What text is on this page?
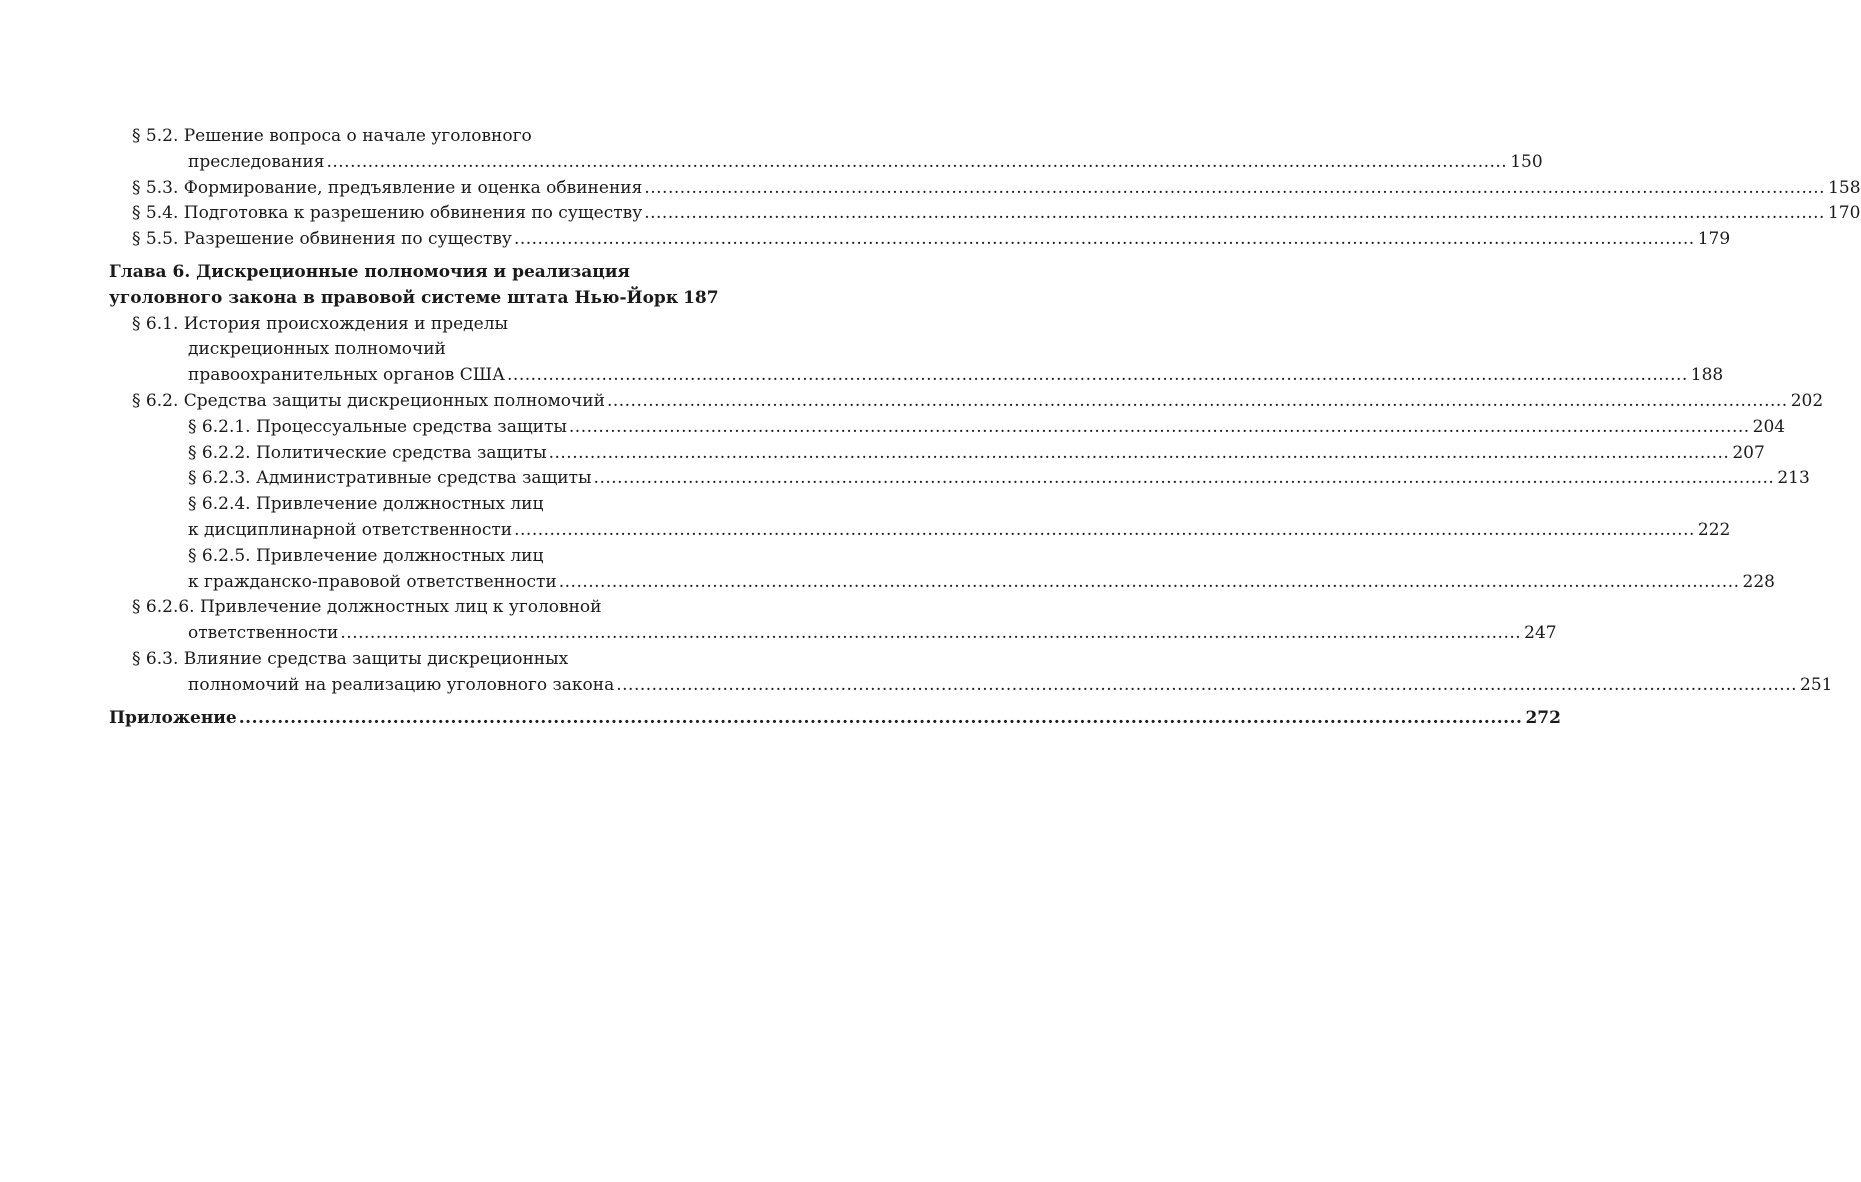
§ 5.2. Решение вопроса о начале уголовного
преследования ........................................................................................................................................................................................................ 150
§ 5.3. Формирование, предъявление и оценка обвинения ........................................................................................................................................................................................................ 158
§ 5.4. Подготовка к разрешению обвинения по существу ........................................................................................................................................................................................................ 170
§ 5.5. Разрешение обвинения по существу ........................................................................................................................................................................................................ 179
Глава 6. Дискреционные полномочия и реализация
уголовного закона в правовой системе штата Нью-Йорк 187
§ 6.1. История происхождения и пределы
дискреционных полномочий
правоохранительных органов США ........................................................................................................................................................................................................ 188
§ 6.2. Средства защиты дискреционных полномочий ........................................................................................................................................................................................................ 202
§ 6.2.1. Процессуальные средства защиты ........................................................................................................................................................................................................ 204
§ 6.2.2. Политические средства защиты ........................................................................................................................................................................................................ 207
§ 6.2.3. Административные средства защиты ........................................................................................................................................................................................................ 213
§ 6.2.4. Привлечение должностных лиц
к дисциплинарной ответственности ........................................................................................................................................................................................................ 222
§ 6.2.5. Привлечение должностных лиц
к гражданско-правовой ответственности ........................................................................................................................................................................................................ 228
§ 6.2.6. Привлечение должностных лиц к уголовной
ответственности ........................................................................................................................................................................................................ 247
§ 6.3. Влияние средства защиты дискреционных
полномочий на реализацию уголовного закона ........................................................................................................................................................................................................ 251
Приложение ........................................................................................................................................................................................................ 272
